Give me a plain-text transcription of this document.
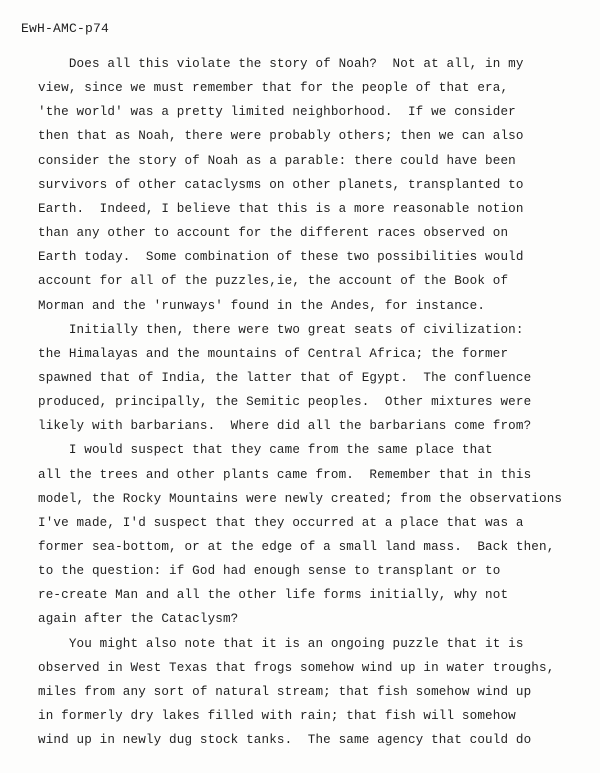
EwH-AMC-p74
Does all this violate the story of Noah?  Not at all, in my
view, since we must remember that for the people of that era,
'the world' was a pretty limited neighborhood.  If we consider
then that as Noah, there were probably others; then we can also
consider the story of Noah as a parable: there could have been
survivors of other cataclysms on other planets, transplanted to
Earth.  Indeed, I believe that this is a more reasonable notion
than any other to account for the different races observed on
Earth today.  Some combination of these two possibilities would
account for all of the puzzles,ie, the account of the Book of
Morman and the 'runways' found in the Andes, for instance.
Initially then, there were two great seats of civilization:
the Himalayas and the mountains of Central Africa; the former
spawned that of India, the latter that of Egypt.  The confluence
produced, principally, the Semitic peoples.  Other mixtures were
likely with barbarians.  Where did all the barbarians come from?
I would suspect that they came from the same place that
all the trees and other plants came from.  Remember that in this
model, the Rocky Mountains were newly created; from the observations
I've made, I'd suspect that they occurred at a place that was a
former sea-bottom, or at the edge of a small land mass.  Back then,
to the question: if God had enough sense to transplant or to
re-create Man and all the other life forms initially, why not
again after the Cataclysm?
You might also note that it is an ongoing puzzle that it is
observed in West Texas that frogs somehow wind up in water troughs,
miles from any sort of natural stream; that fish somehow wind up
in formerly dry lakes filled with rain; that fish will somehow
wind up in newly dug stock tanks.  The same agency that could do
